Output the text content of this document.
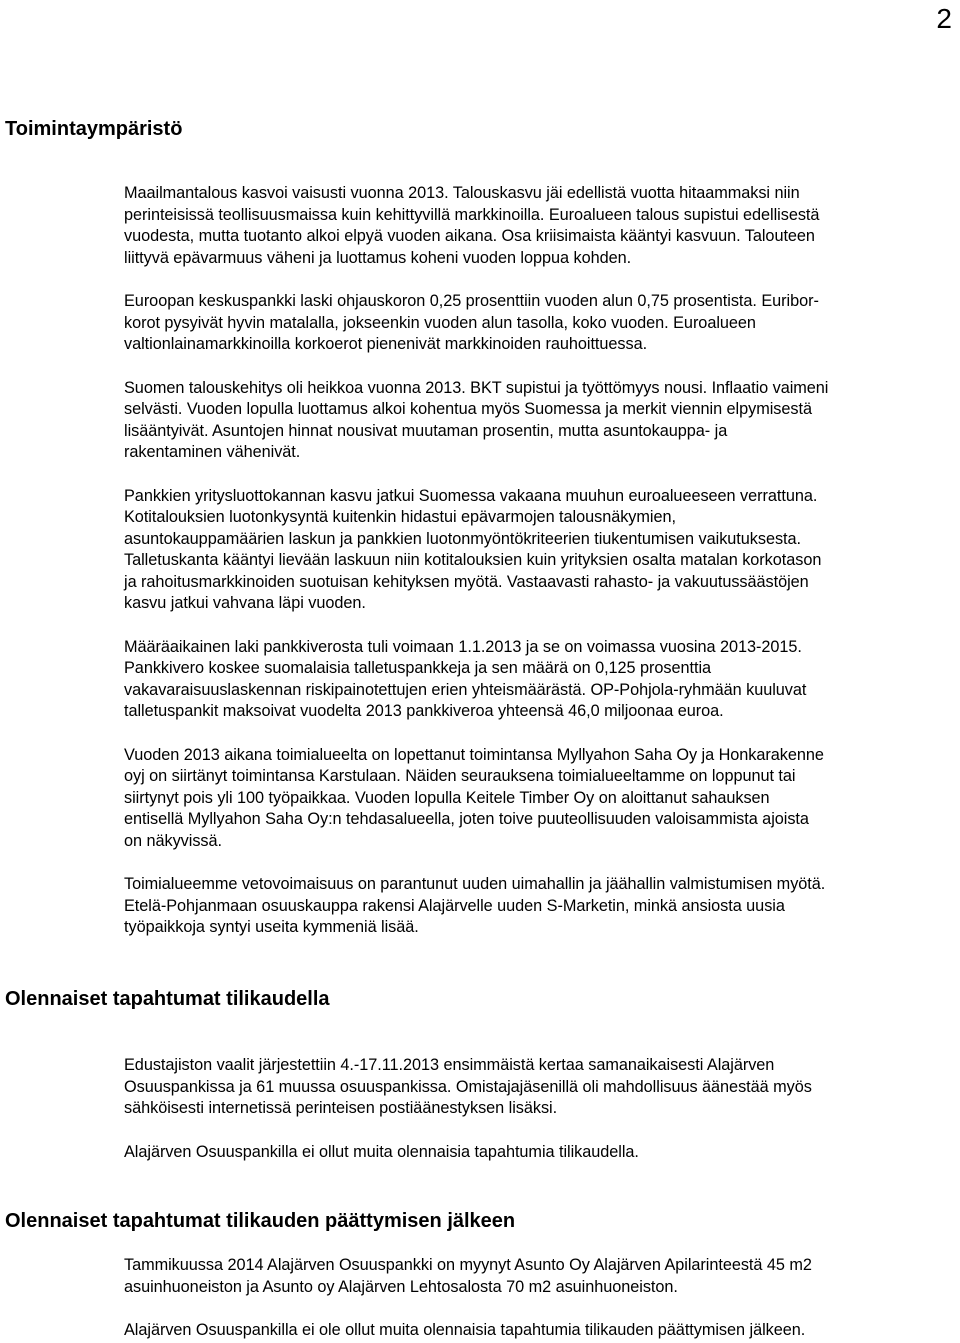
2
Toimintaympäristö

Maailmantalous kasvoi vaisusti vuonna 2013. Talouskasvu jäi edellistä vuotta hitaammaksi niin
perinteisissä teollisuusmaissa kuin kehittyvillä markkinoilla. Euroalueen talous supistui edellisestä
vuodesta, mutta tuotanto alkoi elpyä vuoden aikana. Osa kriisimaista kääntyi kasvuun. Talouteen
liittyvä epävarmuus väheni ja luottamus koheni vuoden loppua kohden.

Euroopan keskuspankki laski ohjauskoron 0,25 prosenttiin vuoden alun 0,75 prosentista. Euribor-
korot pysyivät hyvin matalalla, jokseenkin vuoden alun tasolla, koko vuoden. Euroalueen
valtionlainamarkkinoilla korkoerot pienenivät markkinoiden rauhoittuessa.

Suomen talouskehitys oli heikkoa vuonna 2013. BKT supistui ja työttömyys nousi. Inflaatio vaimeni
selvästi. Vuoden lopulla luottamus alkoi kohentua myös Suomessa ja merkit viennin elpymisestä
lisääntyivät. Asuntojen hinnat nousivat muutaman prosentin, mutta asuntokauppa- ja
rakentaminen vähenivät.

Pankkien yritysluottokannan kasvu jatkui Suomessa vakaana muuhun euroalueeseen verrattuna.
Kotitalouksien luotonkysyntä kuitenkin hidastui epävarmojen talousnäkymien,
asuntokauppamäärien laskun ja pankkien luotonmyöntökriteerien tiukentumisen vaikutuksesta.
Talletuskanta kääntyi lievään laskuun niin kotitalouksien kuin yrityksien osalta matalan korkotason
ja rahoitusmarkkinoiden suotuisan kehityksen myötä. Vastaavasti rahasto- ja vakuutussäästöjen
kasvu jatkui vahvana läpi vuoden.

Määräaikainen laki pankkiverosta tuli voimaan 1.1.2013 ja se on voimassa vuosina 2013-2015.
Pankkivero koskee suomalaisia talletuspankkeja ja sen määrä on 0,125 prosenttia
vakavaraisuuslaskennan riskipainotettujen erien yhteismäärästä. OP-Pohjola-ryhmään kuuluvat
talletuspankit maksoivat vuodelta 2013 pankkiveroa yhteensä 46,0 miljoonaa euroa.

Vuoden 2013 aikana toimialueelta on lopettanut toimintansa Myllyahon Saha Oy ja Honkarakenne
oyj on siirtänyt toimintansa Karstulaan. Näiden seurauksena toimialueeltamme on loppunut tai
siirtynyt pois yli 100 työpaikkaa. Vuoden lopulla Keitele Timber Oy on aloittanut sahauksen
entisellä Myllyahon Saha Oy:n tehdasalueella, joten toive puuteollisuuden valoisammista ajoista
on näkyvissä.

Toimialueemme vetovoimaisuus on parantunut uuden uimahallin ja jäähallin valmistumisen myötä.
Etelä-Pohjanmaan osuuskauppa rakensi Alajärvelle uuden S-Marketin, minkä ansiosta uusia
työpaikkoja syntyi useita kymmeniä lisää.

Olennaiset tapahtumat tilikaudella

Edustajiston vaalit järjestettiin 4.-17.11.2013 ensimmäistä kertaa samanaikaisesti Alajärven
Osuuspankissa ja 61 muussa osuuspankissa. Omistajajäsenillä oli mahdollisuus äänestää myös
sähköisesti internetissä perinteisen postiäänestyksen lisäksi.

Alajärven Osuuspankilla ei ollut muita olennaisia tapahtumia tilikaudella.

Olennaiset tapahtumat tilikauden päättymisen jälkeen

Tammikuussa 2014 Alajärven Osuuspankki on myynyt Asunto Oy Alajärven Apilarinteestä 45 m2
asuinhuoneiston ja Asunto oy Alajärven Lehtosalosta 70 m2 asuinhuoneiston.

Alajärven Osuuspankilla ei ole ollut muita olennaisia tapahtumia tilikauden päättymisen jälkeen.
